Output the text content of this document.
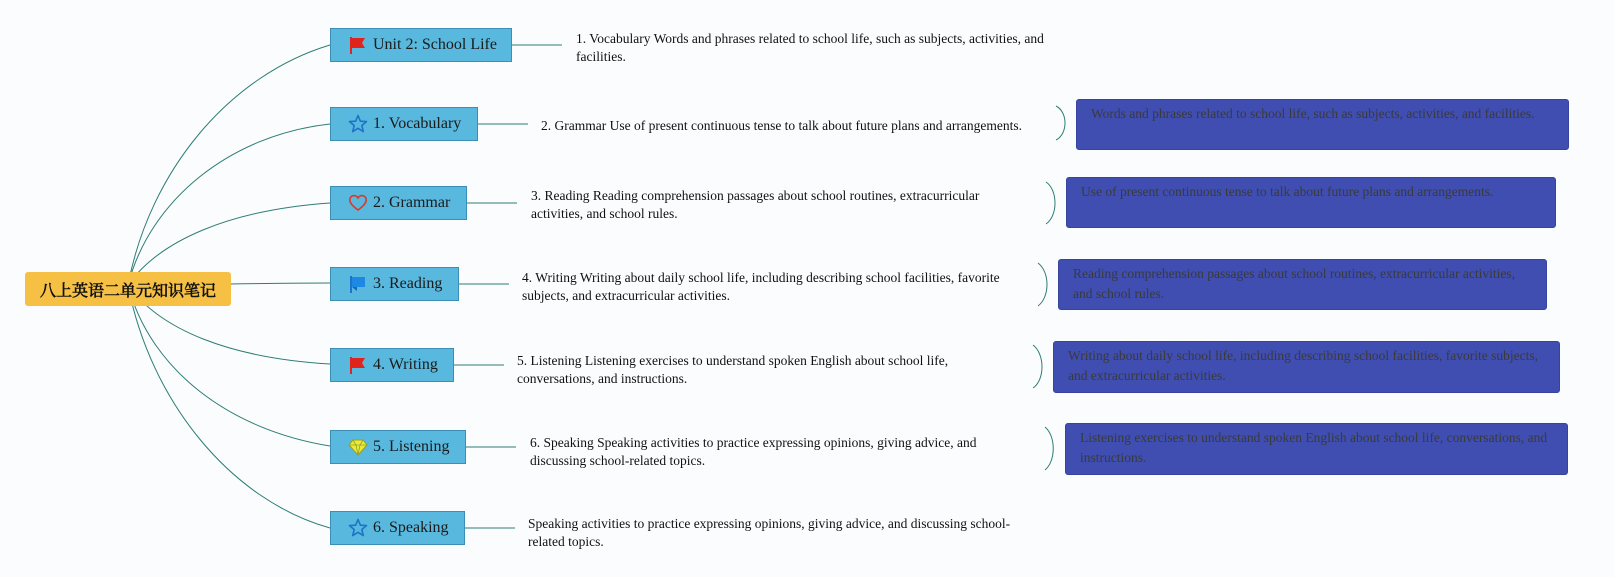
八上英语二单元知识笔记
Unit 2: School Life
1. Vocabulary
2. Grammar
3. Reading
4. Writing
5. Listening
6. Speaking
1. Vocabulary Words and phrases related to school life, such as subjects, activities, and facilities.
2. Grammar Use of present continuous tense to talk about future plans and arrangements.
3. Reading Reading comprehension passages about school routines, extracurricular activities, and school rules.
4. Writing Writing about daily school life, including describing school facilities, favorite subjects, and extracurricular activities.
5. Listening Listening exercises to understand spoken English about school life, conversations, and instructions.
6. Speaking Speaking activities to practice expressing opinions, giving advice, and discussing school-related topics.
Speaking activities to practice expressing opinions, giving advice, and discussing school-related topics.
Words and phrases related to school life, such as subjects, activities, and facilities.
Use of present continuous tense to talk about future plans and arrangements.
Reading comprehension passages about school routines, extracurricular activities, and school rules.
Writing about daily school life, including describing school facilities, favorite subjects, and extracurricular activities.
Listening exercises to understand spoken English about school life, conversations, and instructions.
